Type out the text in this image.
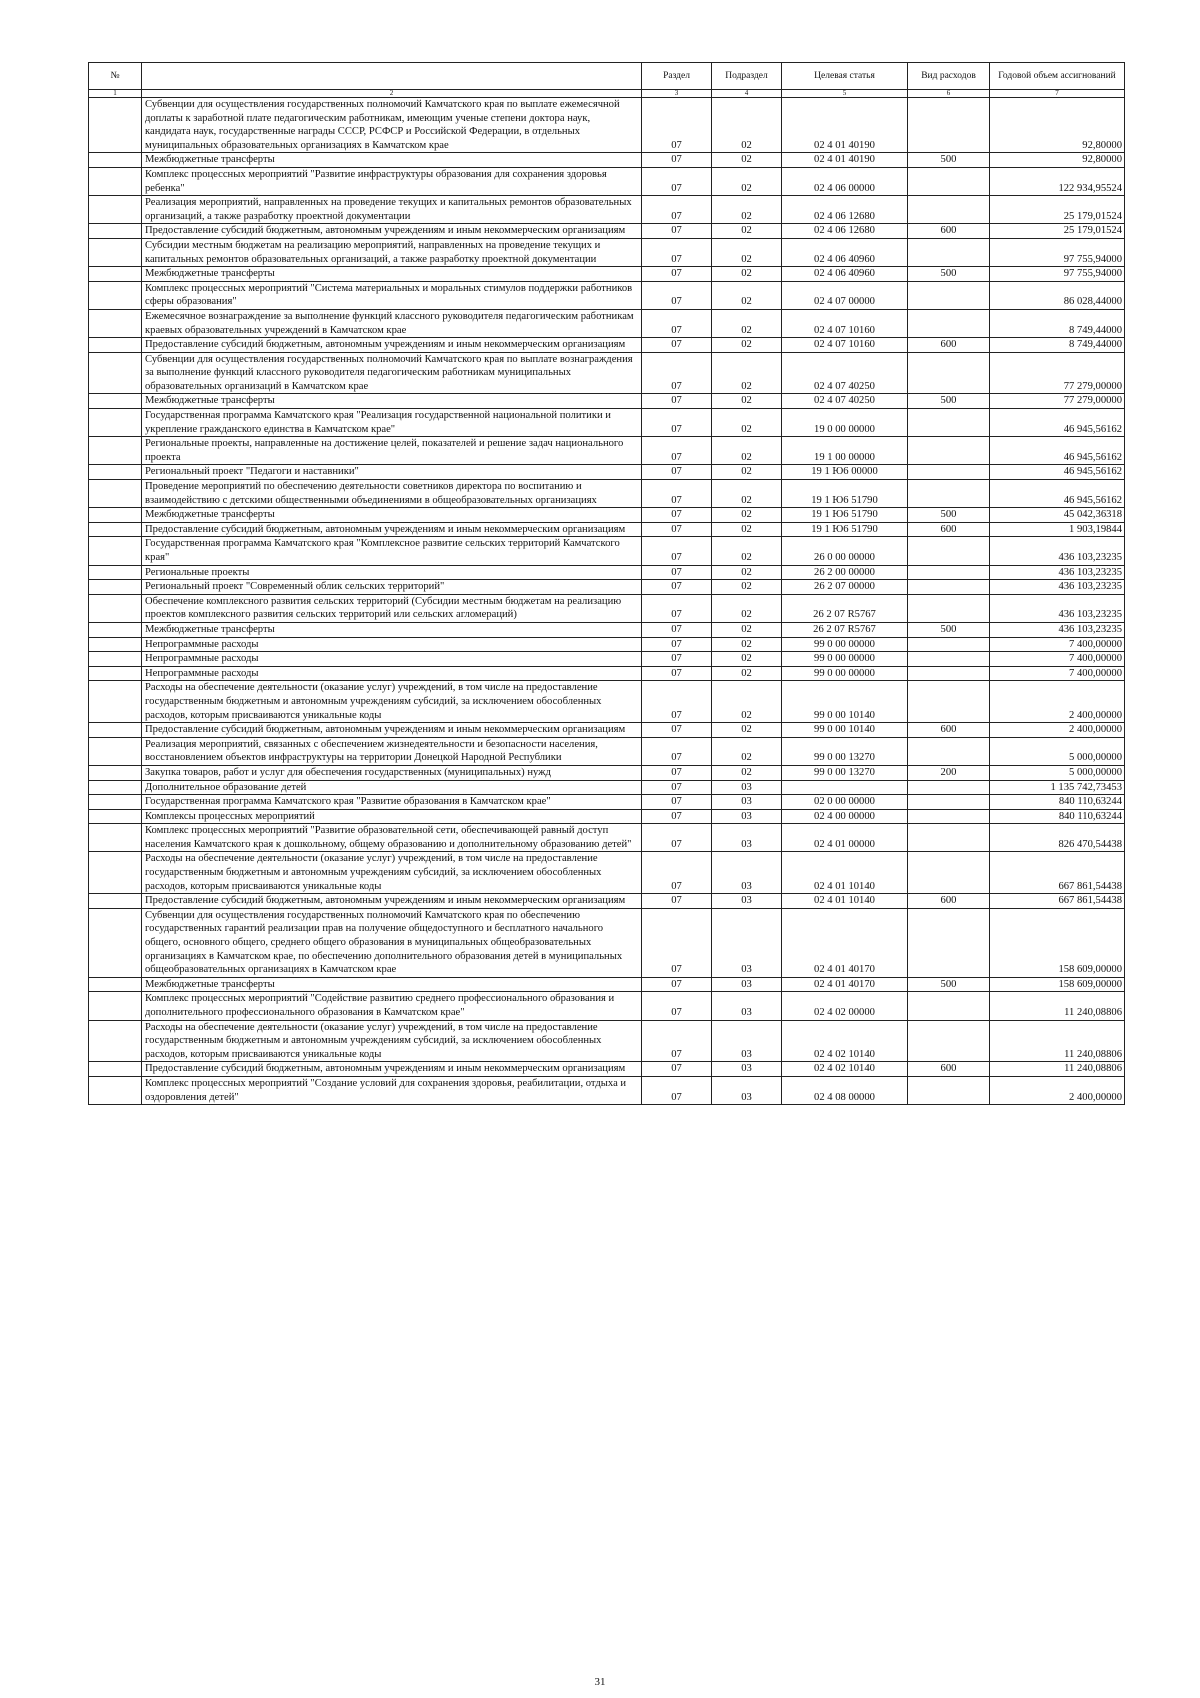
№		Раздел	Подраздел	Целевая статья	Вид расходов	Годовой объем ассигнований
1	2	3	4	5	6	7
	Субвенции для осуществления государственных полномочий Камчатского края по выплате ежемесячной доплаты к заработной плате педагогическим работникам, имеющим ученые степени доктора наук, кандидата наук, государственные награды СССР, РСФСР и Российской Федерации, в отдельных муниципальных образовательных организациях в Камчатском крае	07	02	02 4 01 40190		92,80000
	Межбюджетные трансферты	07	02	02 4 01 40190	500	92,80000
	Комплекс процессных мероприятий "Развитие инфраструктуры образования для сохранения здоровья ребенка"	07	02	02 4 06 00000		122 934,95524
	Реализация мероприятий, направленных на проведение текущих и капитальных ремонтов образовательных организаций, а также разработку проектной документации	07	02	02 4 06 12680		25 179,01524
	Предоставление субсидий бюджетным, автономным учреждениям и иным некоммерческим организациям	07	02	02 4 06 12680	600	25 179,01524
	Субсидии местным бюджетам на реализацию мероприятий, направленных на проведение текущих и капитальных ремонтов образовательных организаций, а также разработку проектной документации	07	02	02 4 06 40960		97 755,94000
	Межбюджетные трансферты	07	02	02 4 06 40960	500	97 755,94000
	Комплекс процессных мероприятий "Система материальных и моральных стимулов поддержки работников сферы образования"	07	02	02 4 07 00000		86 028,44000
	Ежемесячное вознаграждение за выполнение функций классного руководителя педагогическим работникам краевых образовательных учреждений в Камчатском крае	07	02	02 4 07 10160		8 749,44000
	Предоставление субсидий бюджетным, автономным учреждениям и иным некоммерческим организациям	07	02	02 4 07 10160	600	8 749,44000
	Субвенции для осуществления государственных полномочий Камчатского края по выплате вознаграждения за выполнение функций классного руководителя педагогическим работникам муниципальных образовательных организаций в Камчатском крае	07	02	02 4 07 40250		77 279,00000
	Межбюджетные трансферты	07	02	02 4 07 40250	500	77 279,00000
	Государственная программа Камчатского края "Реализация государственной национальной политики и укрепление гражданского единства в Камчатском крае"	07	02	19 0 00 00000		46 945,56162
	Региональные проекты, направленные на достижение целей, показателей и решение задач национального проекта	07	02	19 1 00 00000		46 945,56162
	Региональный проект "Педагоги и наставники"	07	02	19 1 Ю6 00000		46 945,56162
	Проведение мероприятий по обеспечению деятельности советников директора по воспитанию и взаимодействию с детскими общественными объединениями в общеобразовательных организациях	07	02	19 1 Ю6 51790		46 945,56162
	Межбюджетные трансферты	07	02	19 1 Ю6 51790	500	45 042,36318
	Предоставление субсидий бюджетным, автономным учреждениям и иным некоммерческим организациям	07	02	19 1 Ю6 51790	600	1 903,19844
	Государственная программа Камчатского края "Комплексное развитие сельских территорий Камчатского края"	07	02	26 0 00 00000		436 103,23235
	Региональные проекты	07	02	26 2 00 00000		436 103,23235
	Региональный проект "Современный облик сельских территорий"	07	02	26 2 07 00000		436 103,23235
	Обеспечение комплексного развития сельских территорий (Субсидии местным бюджетам на реализацию проектов комплексного развития сельских территорий или сельских агломераций)	07	02	26 2 07 R5767		436 103,23235
	Межбюджетные трансферты	07	02	26 2 07 R5767	500	436 103,23235
	Непрограммные расходы	07	02	99 0 00 00000		7 400,00000
	Непрограммные расходы	07	02	99 0 00 00000		7 400,00000
	Непрограммные расходы	07	02	99 0 00 00000		7 400,00000
	Расходы на обеспечение деятельности (оказание услуг) учреждений, в том числе на предоставление государственным бюджетным и автономным учреждениям субсидий, за исключением обособленных расходов, которым присваиваются уникальные коды	07	02	99 0 00 10140		2 400,00000
	Предоставление субсидий бюджетным, автономным учреждениям и иным некоммерческим организациям	07	02	99 0 00 10140	600	2 400,00000
	Реализация мероприятий, связанных с обеспечением жизнедеятельности и безопасности населения, восстановлением объектов инфраструктуры на территории Донецкой Народной Республики	07	02	99 0 00 13270		5 000,00000
	Закупка товаров, работ и услуг для обеспечения государственных (муниципальных) нужд	07	02	99 0 00 13270	200	5 000,00000
	Дополнительное образование детей	07	03			1 135 742,73453
	Государственная программа Камчатского края "Развитие образования в Камчатском крае"	07	03	02 0 00 00000		840 110,63244
	Комплексы процессных мероприятий	07	03	02 4 00 00000		840 110,63244
	Комплекс процессных мероприятий "Развитие образовательной сети, обеспечивающей равный доступ населения Камчатского края к дошкольному, общему образованию и дополнительному образованию детей"	07	03	02 4 01 00000		826 470,54438
	Расходы на обеспечение деятельности (оказание услуг) учреждений, в том числе на предоставление государственным бюджетным и автономным учреждениям субсидий, за исключением обособленных расходов, которым присваиваются уникальные коды	07	03	02 4 01 10140		667 861,54438
	Предоставление субсидий бюджетным, автономным учреждениям и иным некоммерческим организациям	07	03	02 4 01 10140	600	667 861,54438
	Субвенции для осуществления государственных полномочий Камчатского края по обеспечению государственных гарантий реализации прав на получение общедоступного и бесплатного начального общего, основного общего, среднего общего образования в муниципальных общеобразовательных организациях в Камчатском крае, по обеспечению дополнительного образования детей в муниципальных общеобразовательных организациях в Камчатском крае	07	03	02 4 01 40170		158 609,00000
	Межбюджетные трансферты	07	03	02 4 01 40170	500	158 609,00000
	Комплекс процессных мероприятий "Содействие развитию среднего профессионального образования и дополнительного профессионального образования в Камчатском крае"	07	03	02 4 02 00000		11 240,08806
	Расходы на обеспечение деятельности (оказание услуг) учреждений, в том числе на предоставление государственным бюджетным и автономным учреждениям субсидий, за исключением обособленных расходов, которым присваиваются уникальные коды	07	03	02 4 02 10140		11 240,08806
	Предоставление субсидий бюджетным, автономным учреждениям и иным некоммерческим организациям	07	03	02 4 02 10140	600	11 240,08806
	Комплекс процессных мероприятий "Создание условий для сохранения здоровья, реабилитации, отдыха и оздоровления детей"	07	03	02 4 08 00000		2 400,00000
31
